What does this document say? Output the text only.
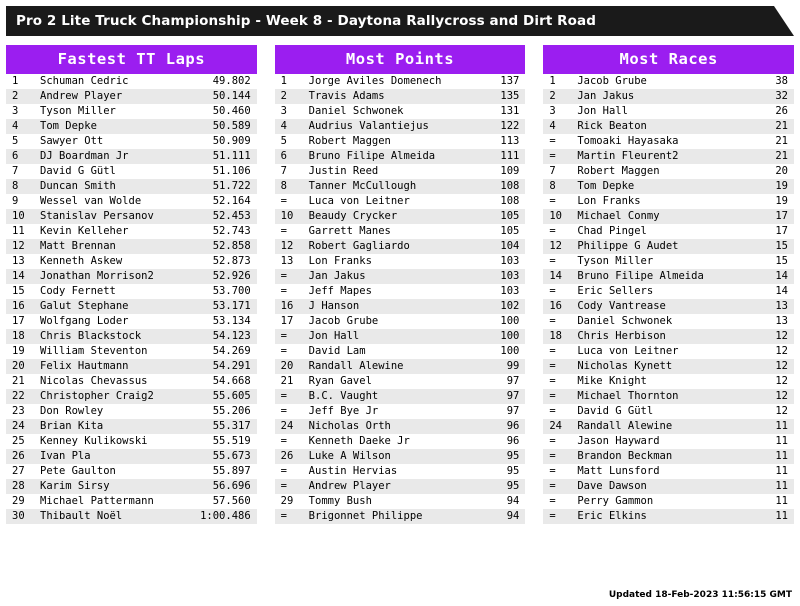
Pro 2 Lite Truck Championship - Week 8 - Daytona Rallycross and Dirt Road
Fastest TT Laps
1	Schuman Cedric	49.802
2	Andrew Player	50.144
3	Tyson Miller	50.460
4	Tom Depke	50.589
5	Sawyer Ott	50.909
6	DJ Boardman Jr	51.111
7	David G Gütl	51.106
8	Duncan Smith	51.722
9	Wessel van Wolde	52.164
10	Stanislav Persanov	52.453
11	Kevin Kelleher	52.743
12	Matt Brennan	52.858
13	Kenneth Askew	52.873
14	Jonathan Morrison2	52.926
15	Cody Fernett	53.700
16	Galut Stephane	53.171
17	Wolfgang Loder	53.134
18	Chris Blackstock	54.123
19	William Steventon	54.269
20	Felix Hautmann	54.291
21	Nicolas Chevassus	54.668
22	Christopher Craig2	55.605
23	Don Rowley	55.206
24	Brian Kita	55.317
25	Kenney Kulikowski	55.519
26	Ivan Pla	55.673
27	Pete Gaulton	55.897
28	Karim Sirsy	56.696
29	Michael Pattermann	57.560
30	Thibault Noël	1:00.486
Most Points
1	Jorge Aviles Domenech	137
2	Travis Adams	135
3	Daniel Schwonek	131
4	Audrius Valantiejus	122
5	Robert Maggen	113
6	Bruno Filipe Almeida	111
7	Justin Reed	109
8	Tanner McCullough	108
=	Luca von Leitner	108
10	Beaudy Crycker	105
=	Garrett Manes	105
12	Robert Gagliardo	104
13	Lon Franks	103
=	Jan Jakus	103
=	Jeff Mapes	103
16	J Hanson	102
17	Jacob Grube	100
=	Jon Hall	100
=	David Lam	100
20	Randall Alewine	99
21	Ryan Gavel	97
=	B.C. Vaught	97
=	Jeff Bye Jr	97
24	Nicholas Orth	96
=	Kenneth Daeke Jr	96
26	Luke A Wilson	95
=	Austin Hervias	95
=	Andrew Player	95
29	Tommy Bush	94
=	Brigonnet Philippe	94
Most Races
1	Jacob Grube	38
2	Jan Jakus	32
3	Jon Hall	26
4	Rick Beaton	21
=	Tomoaki Hayasaka	21
=	Martin Fleurent2	21
7	Robert Maggen	20
8	Tom Depke	19
=	Lon Franks	19
10	Michael Conmy	17
=	Chad Pingel	17
12	Philippe G Audet	15
=	Tyson Miller	15
14	Bruno Filipe Almeida	14
=	Eric Sellers	14
16	Cody Vantrease	13
=	Daniel Schwonek	13
18	Chris Herbison	12
=	Luca von Leitner	12
=	Nicholas Kynett	12
=	Mike Knight	12
=	Michael Thornton	12
=	David G Gütl	12
24	Randall Alewine	11
=	Jason Hayward	11
=	Brandon Beckman	11
=	Matt Lunsford	11
=	Dave Dawson	11
=	Perry Gammon	11
=	Eric Elkins	11
Updated 18-Feb-2023 11:56:15 GMT
